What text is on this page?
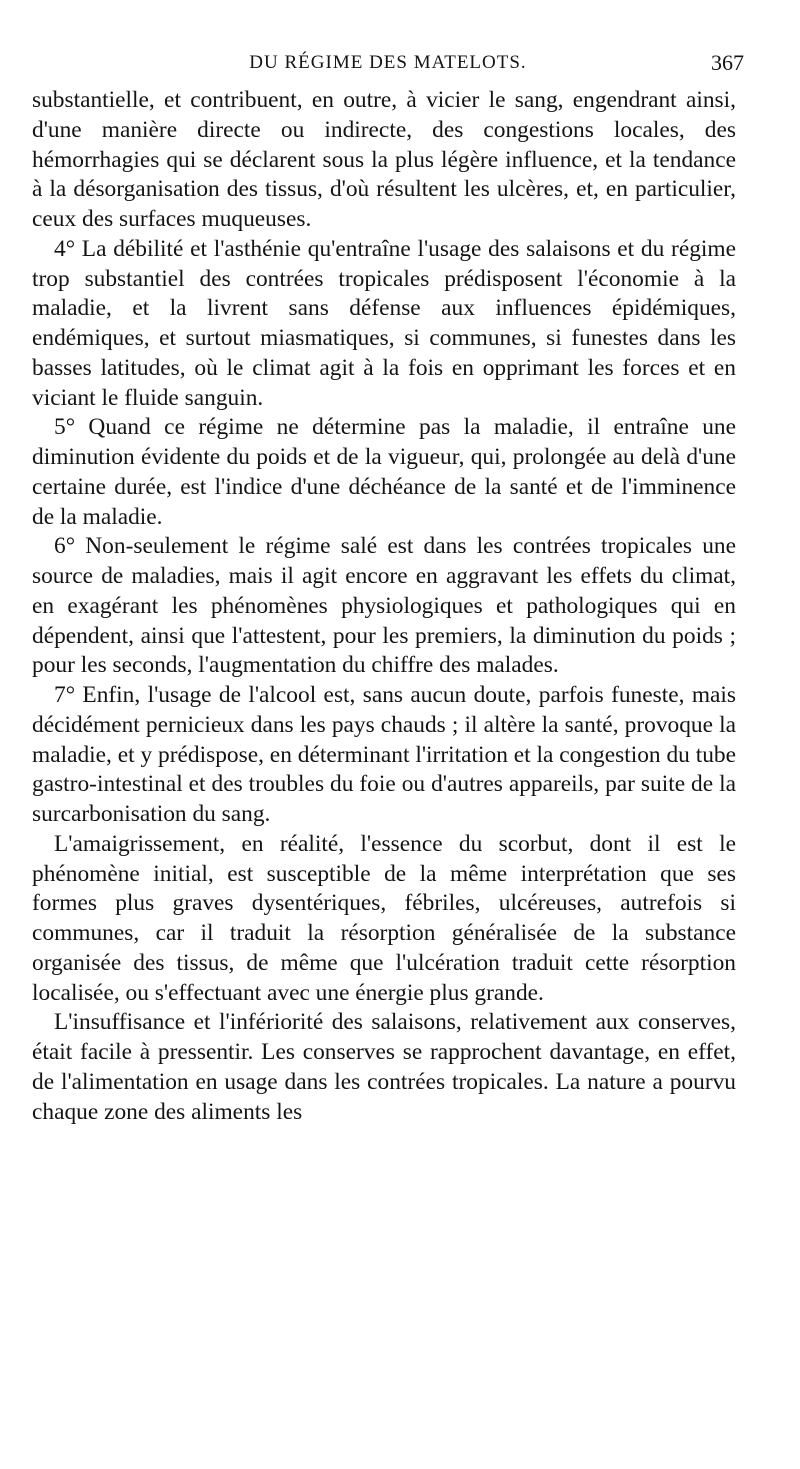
DU RÉGIME DES MATELOTS.	367

substantielle, et contribuent, en outre, à vicier le sang, engendrant ainsi, d'une manière directe ou indirecte, des congestions locales, des hémorrhagies qui se déclarent sous la plus légère influence, et la tendance à la désorganisation des tissus, d'où résultent les ulcères, et, en particulier, ceux des surfaces muqueuses.

4° La débilité et l'asthénie qu'entraîne l'usage des salaisons et du régime trop substantiel des contrées tropicales prédisposent l'économie à la maladie, et la livrent sans défense aux influences épidémiques, endémiques, et surtout miasmatiques, si communes, si funestes dans les basses latitudes, où le climat agit à la fois en opprimant les forces et en viciant le fluide sanguin.

5° Quand ce régime ne détermine pas la maladie, il entraîne une diminution évidente du poids et de la vigueur, qui, prolongée au delà d'une certaine durée, est l'indice d'une déchéance de la santé et de l'imminence de la maladie.

6° Non-seulement le régime salé est dans les contrées tropicales une source de maladies, mais il agit encore en aggravant les effets du climat, en exagérant les phénomènes physiologiques et pathologiques qui en dépendent, ainsi que l'attestent, pour les premiers, la diminution du poids ; pour les seconds, l'augmentation du chiffre des malades.

7° Enfin, l'usage de l'alcool est, sans aucun doute, parfois funeste, mais décidément pernicieux dans les pays chauds ; il altère la santé, provoque la maladie, et y prédispose, en déterminant l'irritation et la congestion du tube gastro-intestinal et des troubles du foie ou d'autres appareils, par suite de la surcarbonisation du sang.

L'amaigrissement, en réalité, l'essence du scorbut, dont il est le phénomène initial, est susceptible de la même interprétation que ses formes plus graves dysentériques, fébriles, ulcéreuses, autrefois si communes, car il traduit la résorption généralisée de la substance organisée des tissus, de même que l'ulcération traduit cette résorption localisée, ou s'effectuant avec une énergie plus grande.

L'insuffisance et l'infériorité des salaisons, relativement aux conserves, était facile à pressentir. Les conserves se rapprochent davantage, en effet, de l'alimentation en usage dans les contrées tropicales. La nature a pourvu chaque zone des aliments les
